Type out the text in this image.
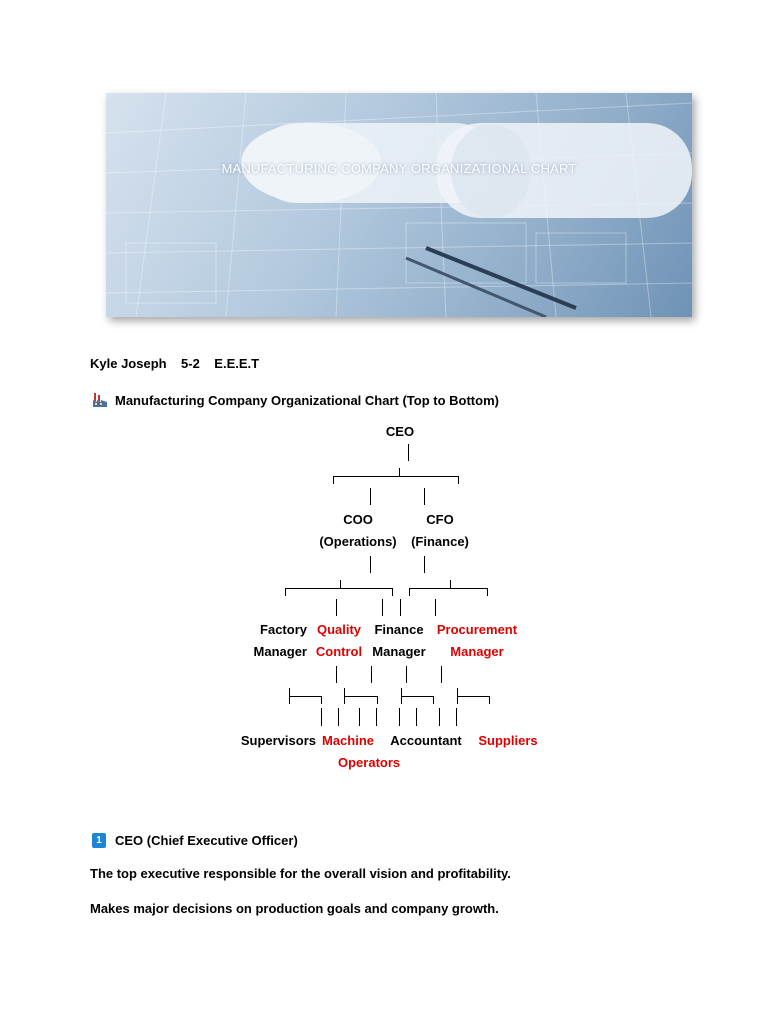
MANUFACTURING COMPANY ORGANIZATIONAL CHART
Kyle Joseph 5-2 E.E.E.T
Manufacturing Company Organizational Chart (Top to Bottom)
CEO
COO
(Operations)
CFO
(Finance)
Factory
Manager
Quality
Control
Finance
Manager
Procurement
Manager
Supervisors Machine
Operators
Accountant	Suppliers
1	CEO (Chief Executive Officer)
The top executive responsible for the overall vision and profitability.
Makes major decisions on production goals and company growth.
